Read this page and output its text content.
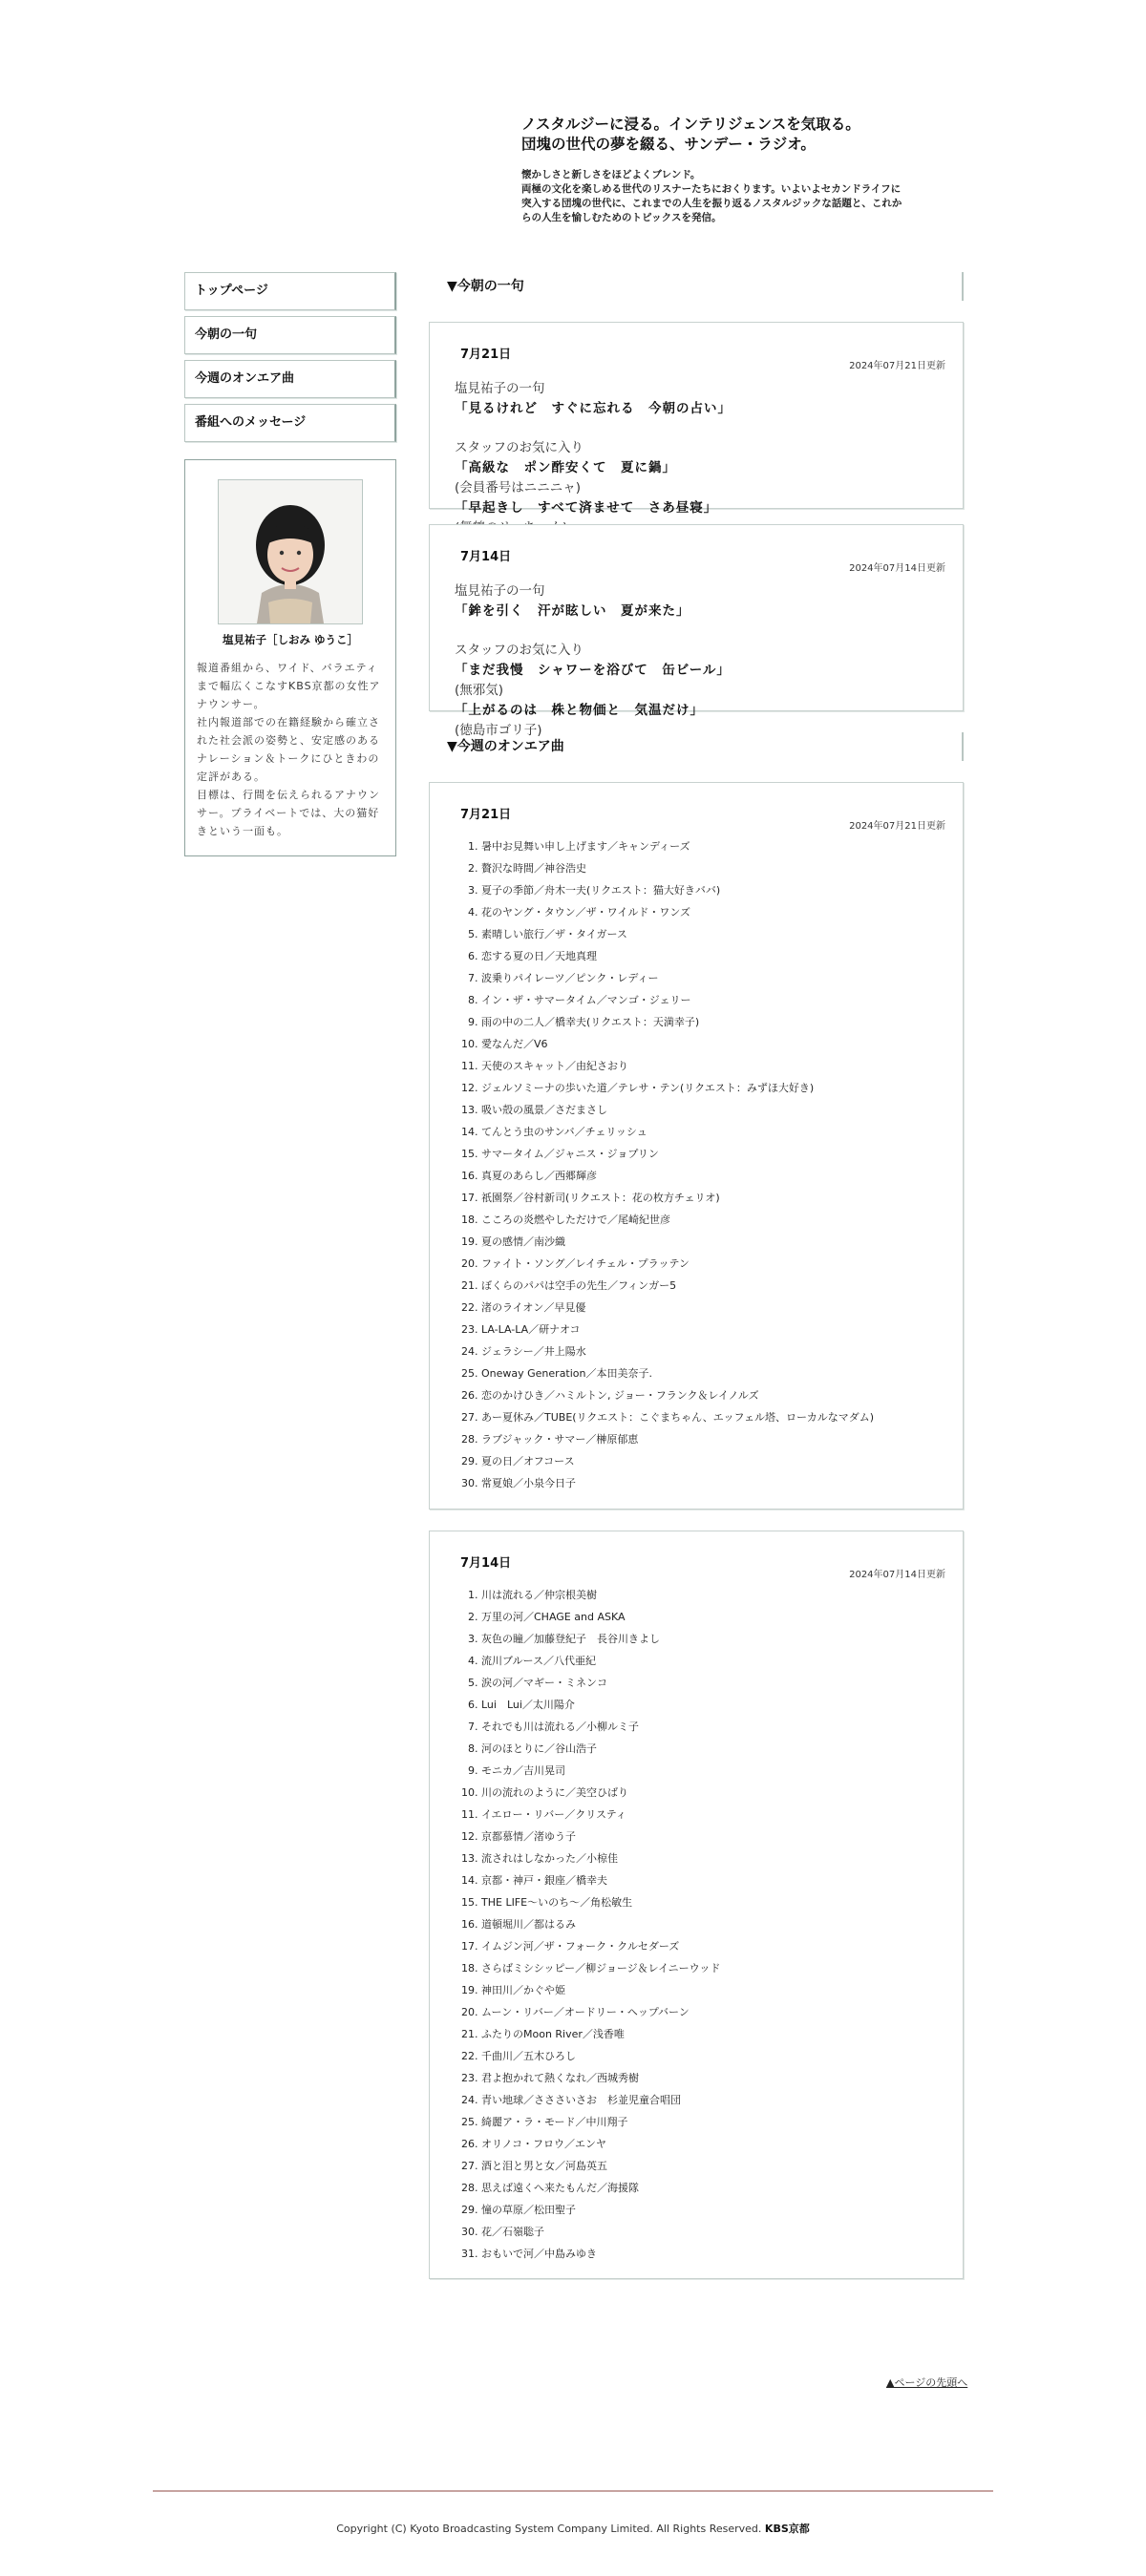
ノスタルジーに浸る。インテリジェンスを気取る。

団塊の世代の夢を綴る、サンデー・ラジオ。

懐かしさと新しさをほどよくブレンド。
両極の文化を楽しめる世代のリスナーたちにおくります。いよいよセカンドライフに
突入する団塊の世代に、これまでの人生を振り返るノスタルジックな話題と、これか
らの人生を愉しむためのトピックスを発信。
トップページ
今朝の一句
今週のオンエア曲
番組へのメッセージ
塩見祐子［しおみ ゆうこ］
報道番組から、ワイド、バラエティまで幅広くこなすKBS京都の女性アナウンサー。
社内報道部での在籍経験から確立された社会派の姿勢と、安定感のあるナレーション＆トークにひときわの定評がある。
目標は、行間を伝えられるアナウンサー。プライベートでは、大の猫好きという一面も。
▼今朝の一句
7月21日
2024年07月21日更新
塩見祐子の一句
「見るけれど　すぐに忘れる　今朝の占い」
スタッフのお気に入り
「高級な　ポン酢安くて　夏に鍋」
(会員番号はニニニャ)
「早起きし　すべて済ませて　さあ昼寝」
7月14日
2024年07月14日更新
塩見祐子の一句
「鉾を引く　汗が眩しい　夏が来た」
スタッフのお気に入り
「まだ我慢　シャワーを浴びて　缶ビール」
(無邪気)
「上がるのは　株と物価と　気温だけ」
(徳島市ゴリ子)
▼今週のオンエア曲
7月21日
2024年07月21日更新
1. 暑中お見舞い申し上げます／キャンディーズ
2. 贅沢な時間／神谷浩史
3. 夏子の季節／舟木一夫(リクエスト：猫大好きババ)
4. 花のヤング・タウン／ザ・ワイルド・ワンズ
5. 素晴しい旅行／ザ・タイガース
6. 恋する夏の日／天地真理
7. 波乗りパイレーツ／ピンク・レディー
8. イン・ザ・サマータイム／マンゴ・ジェリー
9. 雨の中の二人／橋幸夫(リクエスト：天満幸子)
10. 愛なんだ／V6
11. 天使のスキャット／由紀さおり
12. ジェルソミーナの歩いた道／テレサ・テン(リクエスト：みずほ大好き)
13. 吸い殻の風景／さだまさし
14. てんとう虫のサンバ／チェリッシュ
15. サマータイム／ジャニス・ジョプリン
16. 真夏のあらし／西郷輝彦
17. 祇園祭／谷村新司(リクエスト：花の枚方チェリオ)
18. こころの炎燃やしただけで／尾崎紀世彦
19. 夏の感情／南沙織
20. ファイト・ソング／レイチェル・プラッテン
21. ぼくらのパパは空手の先生／フィンガー5
22. 渚のライオン／早見優
23. LA-LA-LA／研ナオコ
24. ジェラシー／井上陽水
25. Oneway Generation／本田美奈子.
26. 恋のかけひき／ハミルトン, ジョー・フランク＆レイノルズ
27. あー夏休み／TUBE(リクエスト：こぐまちゃん、エッフェル塔、ローカルなマダム)
28. ラブジャック・サマー／榊原郁恵
29. 夏の日／オフコース
30. 常夏娘／小泉今日子
7月14日
2024年07月14日更新
1. 川は流れる／仲宗根美樹
2. 万里の河／CHAGE and ASKA
3. 灰色の瞳／加藤登紀子　長谷川きよし
4. 流川ブルース／八代亜紀
5. 涙の河／マギー・ミネンコ
6. Lui　Lui／太川陽介
7. それでも川は流れる／小柳ルミ子
8. 河のほとりに／谷山浩子
9. モニカ／吉川晃司
10. 川の流れのように／美空ひばり
11. イエロー・リバー／クリスティ
12. 京都慕情／渚ゆう子
13. 流されはしなかった／小椋佳
14. 京都・神戸・銀座／橋幸夫
15. THE LIFE～いのち～／角松敏生
16. 道頓堀川／都はるみ
17. イムジン河／ザ・フォーク・クルセダーズ
18. さらばミシシッピー／柳ジョージ＆レイニーウッド
19. 神田川／かぐや姫
20. ムーン・リバー／オードリー・ヘップバーン
21. ふたりのMoon River／浅香唯
22. 千曲川／五木ひろし
23. 君よ抱かれて熱くなれ／西城秀樹
24. 青い地球／さささいさお　杉並児童合唱団
25. 綺麗ア・ラ・モード／中川翔子
26. オリノコ・フロウ／エンヤ
27. 酒と泪と男と女／河島英五
28. 思えば遠くへ来たもんだ／海援隊
29. 憧の草原／松田聖子
30. 花／石嶺聡子
31. おもいで河／中島みゆき
▲ページの先頭へ
Copyright (C) Kyoto Broadcasting System Company Limited. All Rights Reserved. KBS京都
